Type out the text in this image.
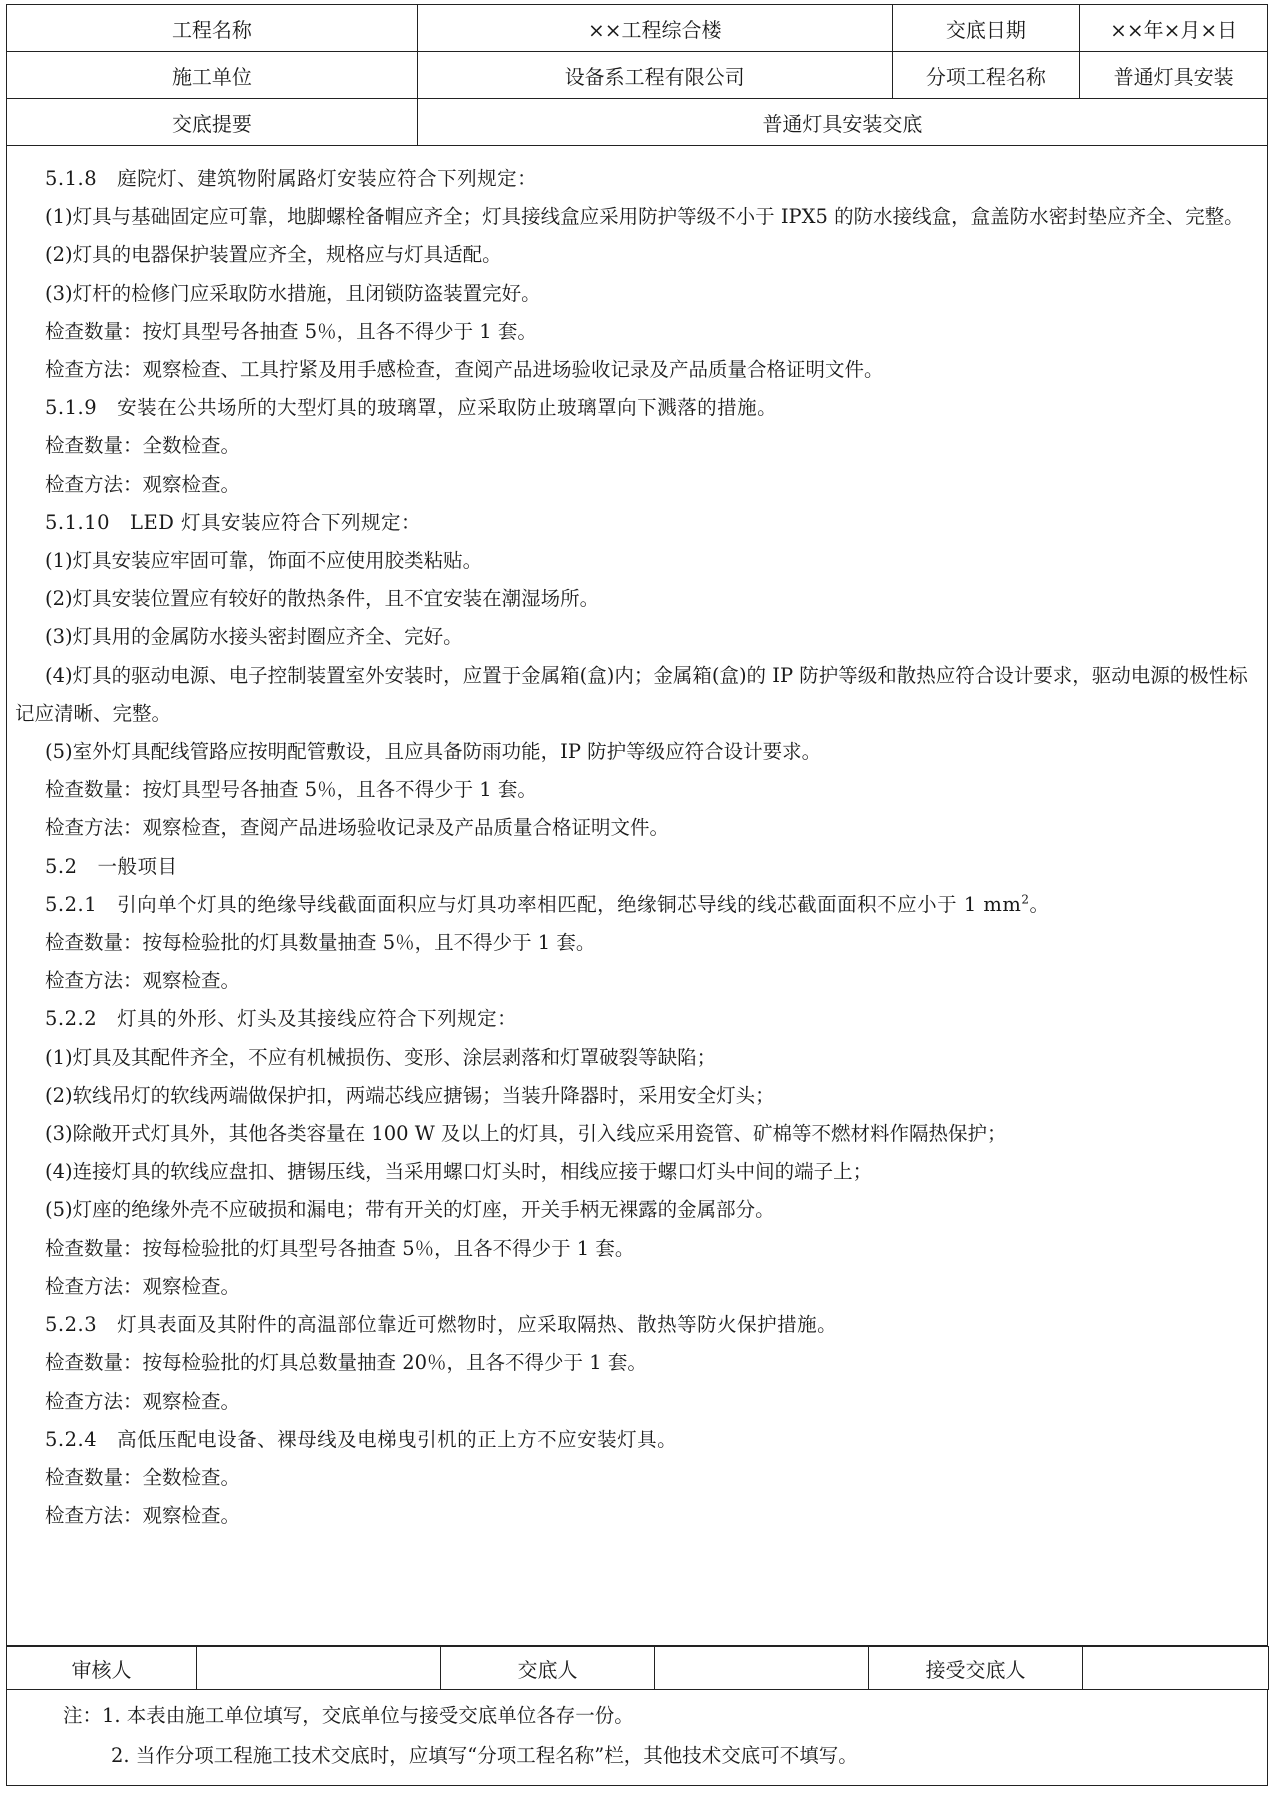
工程名称	××工程综合楼	交底日期	××年×月×日
施工单位	设备系工程有限公司	分项工程名称	普通灯具安装
交底提要	普通灯具安装交底		
5.1.8　庭院灯、建筑物附属路灯安装应符合下列规定：
(1)灯具与基础固定应可靠，地脚螺栓备帽应齐全；灯具接线盒应采用防护等级不小于 IPX5 的防水接线盒，盒盖防水密封垫应齐全、完整。
(2)灯具的电器保护装置应齐全，规格应与灯具适配。
(3)灯杆的检修门应采取防水措施，且闭锁防盗装置完好。
检查数量：按灯具型号各抽查 5％，且各不得少于 1 套。
检查方法：观察检查、工具拧紧及用手感检查，查阅产品进场验收记录及产品质量合格证明文件。
5.1.9　安装在公共场所的大型灯具的玻璃罩，应采取防止玻璃罩向下溅落的措施。
检查数量：全数检查。
检查方法：观察检查。
5.1.10　LED 灯具安装应符合下列规定：
(1)灯具安装应牢固可靠，饰面不应使用胶类粘贴。
(2)灯具安装位置应有较好的散热条件，且不宜安装在潮湿场所。
(3)灯具用的金属防水接头密封圈应齐全、完好。
(4)灯具的驱动电源、电子控制装置室外安装时，应置于金属箱(盒)内；金属箱(盒)的 IP 防护等级和散热应符合设计要求，驱动电源的极性标记应清晰、完整。
(5)室外灯具配线管路应按明配管敷设，且应具备防雨功能，IP 防护等级应符合设计要求。
检查数量：按灯具型号各抽查 5％，且各不得少于 1 套。
检查方法：观察检查，查阅产品进场验收记录及产品质量合格证明文件。
5.2　一般项目
5.2.1　引向单个灯具的绝缘导线截面面积应与灯具功率相匹配，绝缘铜芯导线的线芯截面面积不应小于 1 $mm^2$。
检查数量：按每检验批的灯具数量抽查 5％，且不得少于 1 套。
检查方法：观察检查。
5.2.2　灯具的外形、灯头及其接线应符合下列规定：
(1)灯具及其配件齐全，不应有机械损伤、变形、涂层剥落和灯罩破裂等缺陷；
(2)软线吊灯的软线两端做保护扣，两端芯线应搪锡；当装升降器时，采用安全灯头；
(3)除敞开式灯具外，其他各类容量在 100 W 及以上的灯具，引入线应采用瓷管、矿棉等不燃材料作隔热保护；
(4)连接灯具的软线应盘扣、搪锡压线，当采用螺口灯头时，相线应接于螺口灯头中间的端子上；
(5)灯座的绝缘外壳不应破损和漏电；带有开关的灯座，开关手柄无裸露的金属部分。
检查数量：按每检验批的灯具型号各抽查 5％，且各不得少于 1 套。
检查方法：观察检查。
5.2.3　灯具表面及其附件的高温部位靠近可燃物时，应采取隔热、散热等防火保护措施。
检查数量：按每检验批的灯具总数量抽查 20％，且各不得少于 1 套。
检查方法：观察检查。
5.2.4　高低压配电设备、裸母线及电梯曳引机的正上方不应安装灯具。
检查数量：全数检查。
检查方法：观察检查。
审核人		交底人		接受交底人	
注：1. 本表由施工单位填写，交底单位与接受交底单位各存一份。
2. 当作分项工程施工技术交底时，应填写“分项工程名称”栏，其他技术交底可不填写。
